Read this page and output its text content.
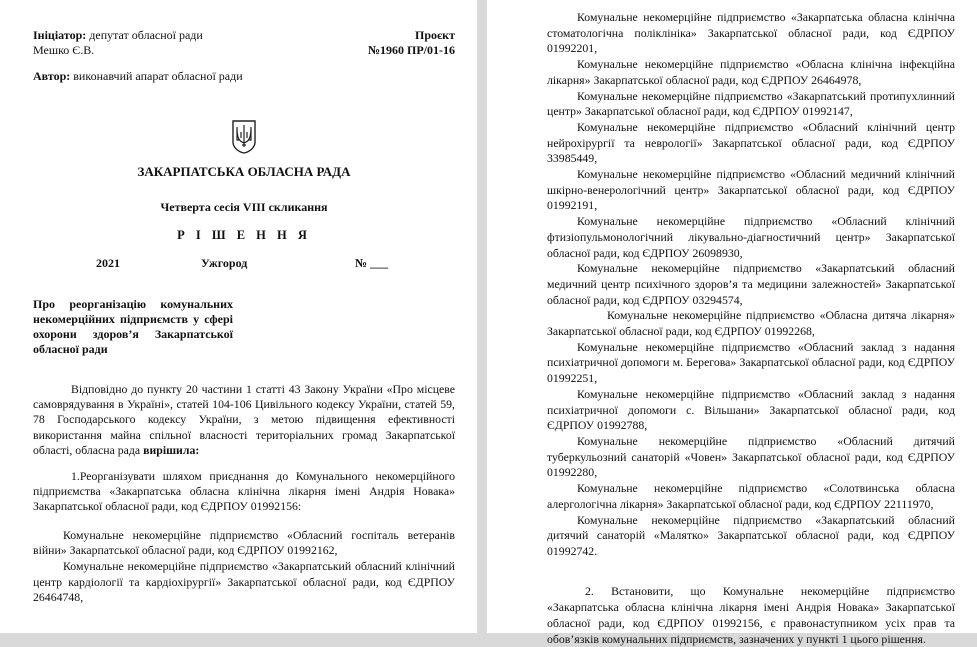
Ініціатор: депутат обласної ради	Проєкт
Мешко Є.В.	№1960 ПР/01-16
Автор: виконавчий апарат обласної ради
ЗАКАРПАТСЬКА ОБЛАСНА РАДА
Четверта сесія VIIІ скликання
Р І Ш Е Н Н Я
2021	Ужгород	№ ___
Про реорганізацію комунальних некомерційних підприємств у сфері охорони здоров’я Закарпатської обласної ради

Відповідно до пункту 20 частини 1 статті 43 Закону України «Про місцеве самоврядування в Україні», статей 104-106 Цивільного кодексу України, статей 59, 78 Господарського кодексу України, з метою підвищення ефективності використання майна спільної власності територіальних громад Закарпатської області, обласна рада вирішила:

1.Реорганізувати шляхом приєднання до Комунального некомерційного підприємства «Закарпатська обласна клінічна лікарня імені Андрія Новака» Закарпатської обласної ради, код ЄДРПОУ 01992156:

Комунальне некомерційне підприємство «Обласний госпіталь ветеранів війни» Закарпатської обласної ради, код ЄДРПОУ 01992162,

Комунальне некомерційне підприємство «Закарпатський обласний клінічний центр кардіології та кардіохірургії» Закарпатської обласної ради, код ЄДРПОУ 26464748,

Комунальне некомерційне підприємство «Закарпатська обласна клінічна стоматологічна поліклініка» Закарпатської обласної ради, код ЄДРПОУ 01992201,

Комунальне некомерційне підприємство «Обласна клінічна інфекційна лікарня» Закарпатської обласної ради, код ЄДРПОУ 26464978,

Комунальне некомерційне підприємство «Закарпатський протипухлинний центр» Закарпатської обласної ради, код ЄДРПОУ 01992147,

Комунальне некомерційне підприємство «Обласний клінічний центр нейрохірургії та неврології» Закарпатської обласної ради, код ЄДРПОУ 33985449,

Комунальне некомерційне підприємство «Обласний медичний клінічний шкірно-венерологічний центр» Закарпатської обласної ради, код ЄДРПОУ 01992191,

Комунальне некомерційне підприємство «Обласний клінічний фтизіопульмонологічний лікувально-діагностичний центр» Закарпатської обласної ради, код ЄДРПОУ 26098930,

Комунальне некомерційне підприємство «Закарпатський обласний медичний центр психічного здоров’я та медицини залежностей» Закарпатської обласної ради, код ЄДРПОУ 03294574,

Комунальне некомерційне підприємство «Обласна дитяча лікарня» Закарпатської обласної ради, код ЄДРПОУ 01992268,

Комунальне некомерційне підприємство «Обласний заклад з надання психіатричної допомоги м. Берегова» Закарпатської обласної ради, код ЄДРПОУ 01992251,

Комунальне некомерційне підприємство «Обласний заклад з надання психіатричної допомоги с. Вільшани» Закарпатської обласної ради, код ЄДРПОУ 01992788,

Комунальне некомерційне підприємство «Обласний дитячий туберкульозний санаторій «Човен» Закарпатської обласної ради, код ЄДРПОУ 01992280,

Комунальне некомерційне підприємство «Солотвинська обласна алергологічна лікарня» Закарпатської обласної ради, код ЄДРПОУ 22111970,

Комунальне некомерційне підприємство «Закарпатський обласний дитячий санаторій «Малятко» Закарпатської обласної ради, код ЄДРПОУ 01992742.

2. Встановити, що Комунальне некомерційне підприємство «Закарпатська обласна клінічна лікарня імені Андрія Новака» Закарпатської обласної ради, код ЄДРПОУ 01992156, є правонаступником усіх прав та обов’язків комунальних підприємств, зазначених у пункті 1 цього рішення.
